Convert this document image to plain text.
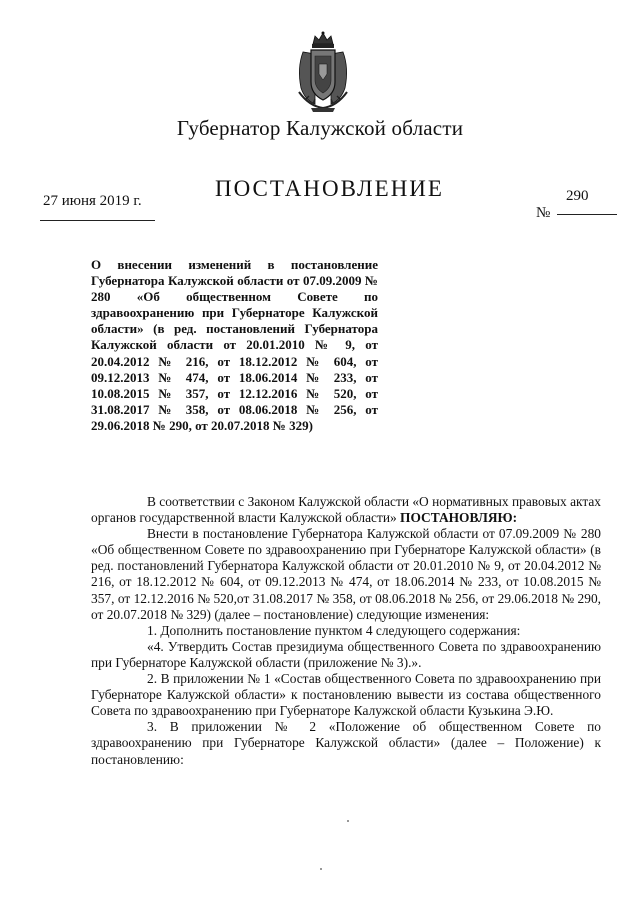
Губернатор Калужской области
27 июня 2019 г.	ПОСТАНОВЛЕНИЕ	290
№
О внесении изменений в постановление Губернатора Калужской области от 07.09.2009 № 280 «Об общественном Совете по здравоохранению при Губернаторе Калужской области» (в ред. постановлений Губернатора Калужской области от 20.01.2010 № 9, от 20.04.2012 № 216, от 18.12.2012 № 604, от 09.12.2013 № 474, от 18.06.2014 № 233, от 10.08.2015 № 357, от 12.12.2016 № 520, от 31.08.2017 № 358, от 08.06.2018 № 256, от 29.06.2018 № 290, от 20.07.2018 № 329)

В соответствии с Законом Калужской области «О нормативных правовых актах органов государственной власти Калужской области» ПОСТАНОВЛЯЮ:

Внести в постановление Губернатора Калужской области от 07.09.2009 № 280 «Об общественном Совете по здравоохранению при Губернаторе Калужской области» (в ред. постановлений Губернатора Калужской области от 20.01.2010 № 9, от 20.04.2012 № 216, от 18.12.2012 № 604, от 09.12.2013 № 474, от 18.06.2014 № 233, от 10.08.2015 № 357, от 12.12.2016 № 520,от 31.08.2017 № 358, от 08.06.2018 № 256, от 29.06.2018 № 290, от 20.07.2018 № 329) (далее – постановление) следующие изменения:

1. Дополнить постановление пунктом 4 следующего содержания:

«4. Утвердить Состав президиума общественного Совета по здравоохранению при Губернаторе Калужской области (приложение № 3).».

2. В приложении № 1 «Состав общественного Совета по здравоохранению при Губернаторе Калужской области» к постановлению вывести из состава общественного Совета по здравоохранению при Губернаторе Калужской области Кузькина Э.Ю.

3. В приложении № 2 «Положение об общественном Совете по здравоохранению при Губернаторе Калужской области» (далее – Положение) к постановлению:
